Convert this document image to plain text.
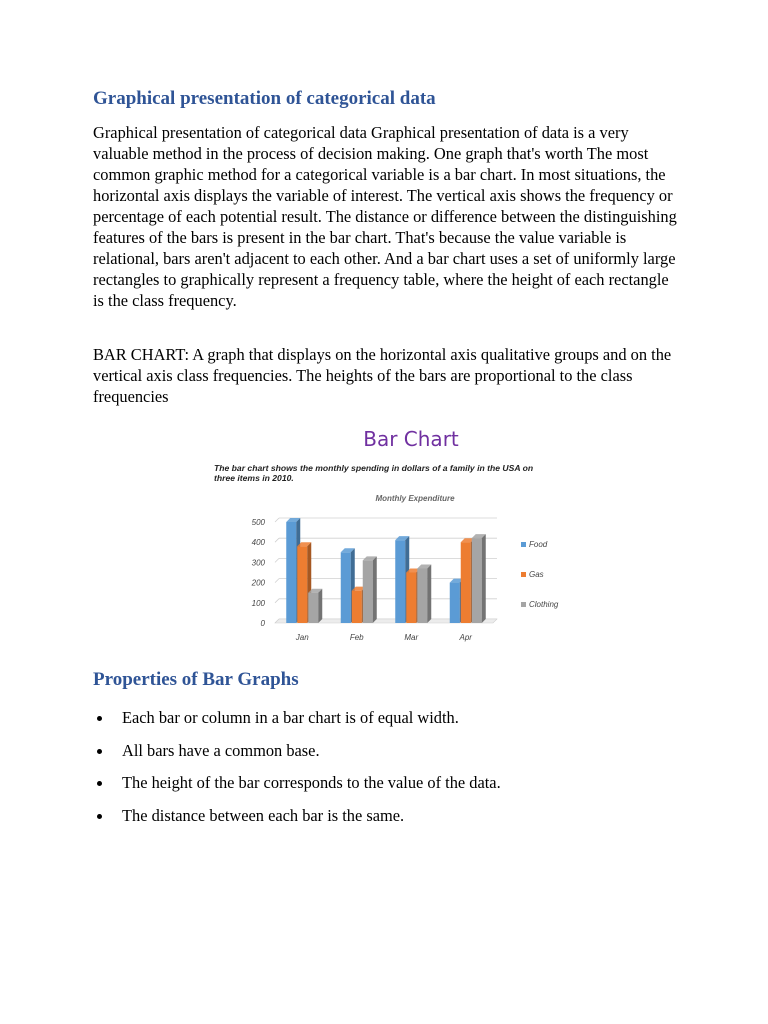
Graphical presentation of categorical data

Graphical presentation of categorical data Graphical presentation of data is a very valuable method in the process of decision making. One graph that's worth The most common graphic method for a categorical variable is a bar chart. In most situations, the horizontal axis displays the variable of interest. The vertical axis shows the frequency or percentage of each potential result. The distance or difference between the distinguishing features of the bars is present in the bar chart. That's because the value variable is relational, bars aren't adjacent to each other. And a bar chart uses a set of uniformly large rectangles to graphically represent a frequency table, where the height of each rectangle is the class frequency.

BAR CHART: A graph that displays on the horizontal axis qualitative groups and on the vertical axis class frequencies. The heights of the bars are proportional to the class frequencies

Bar Chart
The bar chart shows the monthly spending in dollars of a family in the USA on three items in 2010.
Monthly Expenditure
0
100
200
300
400
500
Jan	Feb	Mar	Apr
Food
Gas
Clothing
Properties of Bar Graphs
Each bar or column in a bar chart is of equal width.
All bars have a common base.
The height of the bar corresponds to the value of the data.
The distance between each bar is the same.
